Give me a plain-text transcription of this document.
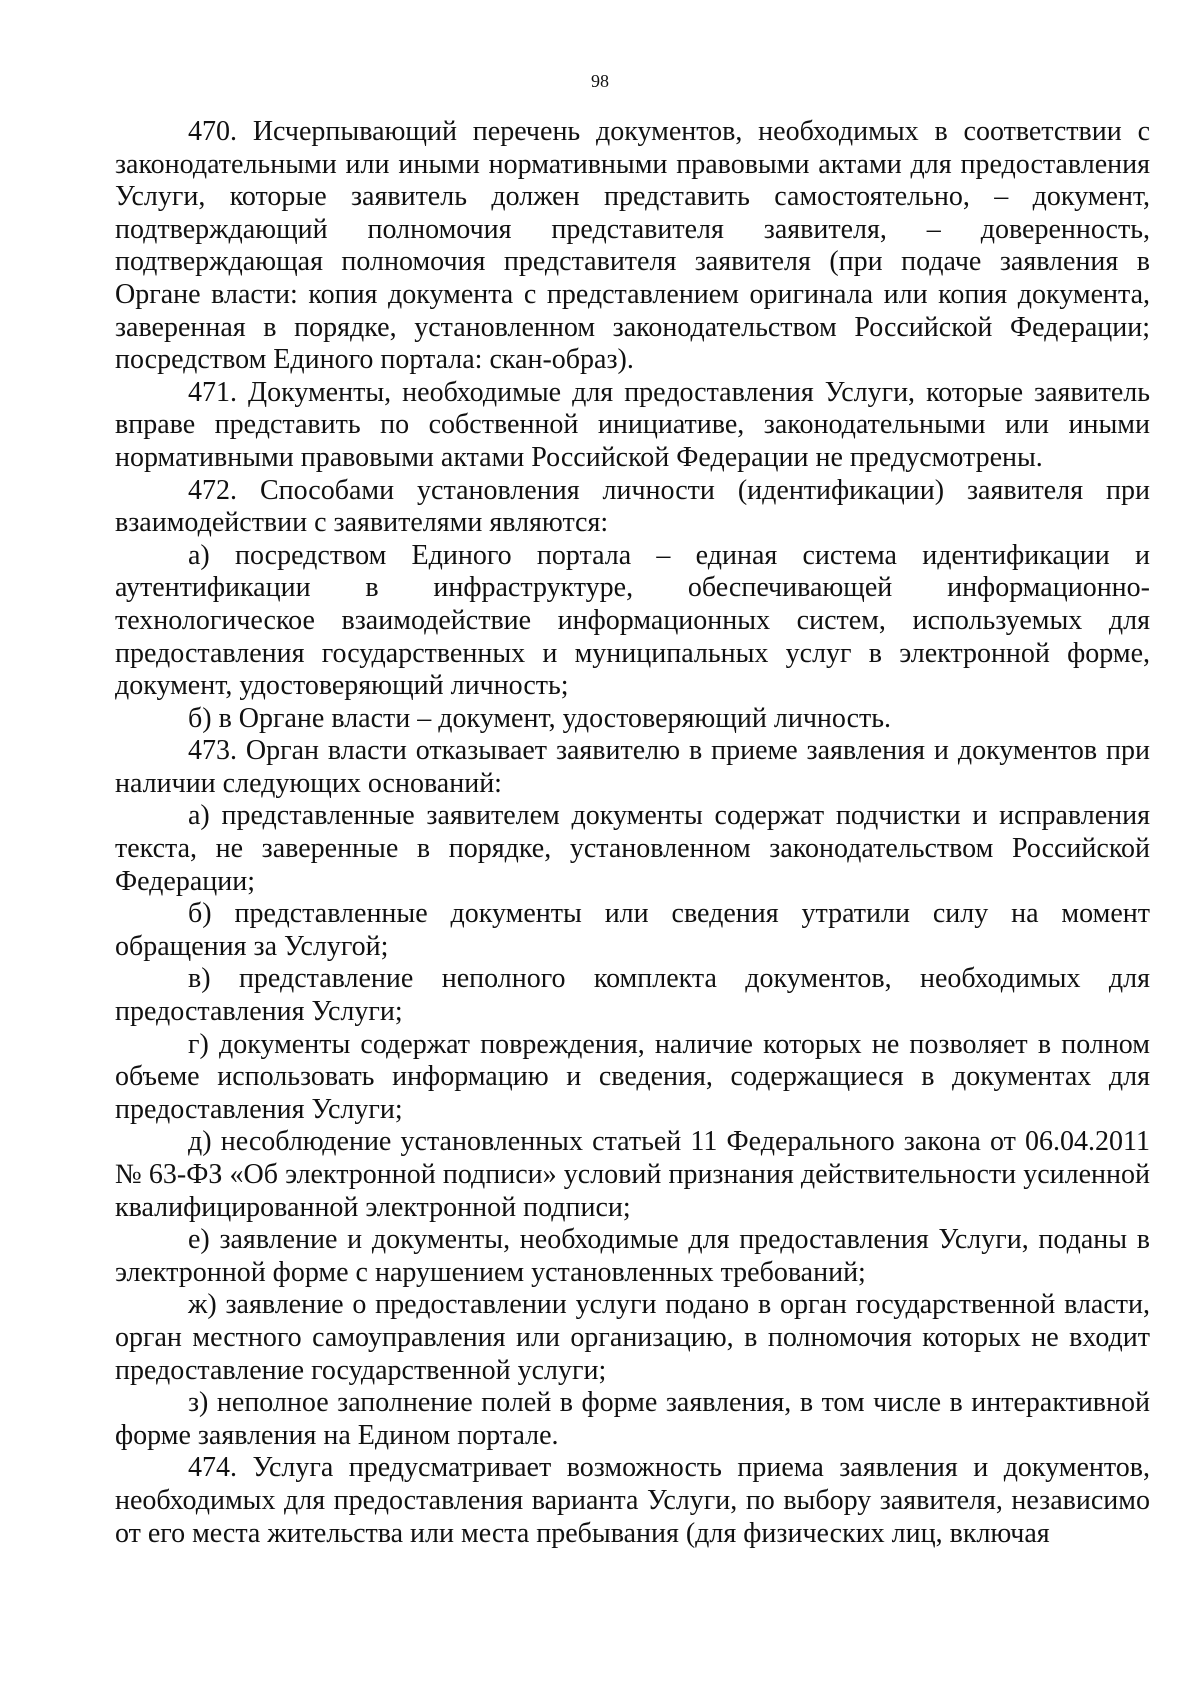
98

470. Исчерпывающий перечень документов, необходимых в соответствии с законодательными или иными нормативными правовыми актами для предоставления Услуги, которые заявитель должен представить самостоятельно, – документ, подтверждающий полномочия представителя заявителя, – доверенность, подтверждающая полномочия представителя заявителя (при подаче заявления в Органе власти: копия документа с представлением оригинала или копия документа, заверенная в порядке, установленном законодательством Российской Федерации; посредством Единого портала: скан-образ).

471. Документы, необходимые для предоставления Услуги, которые заявитель вправе представить по собственной инициативе, законодательными или иными нормативными правовыми актами Российской Федерации не предусмотрены.

472. Способами установления личности (идентификации) заявителя при взаимодействии с заявителями являются:

а) посредством Единого портала – единая система идентификации и аутентификации в инфраструктуре, обеспечивающей информационно-технологическое взаимодействие информационных систем, используемых для предоставления государственных и муниципальных услуг в электронной форме, документ, удостоверяющий личность;

б) в Органе власти – документ, удостоверяющий личность.

473. Орган власти отказывает заявителю в приеме заявления и документов при наличии следующих оснований:

а) представленные заявителем документы содержат подчистки и исправления текста, не заверенные в порядке, установленном законодательством Российской Федерации;

б) представленные документы или сведения утратили силу на момент обращения за Услугой;

в) представление неполного комплекта документов, необходимых для предоставления Услуги;

г) документы содержат повреждения, наличие которых не позволяет в полном объеме использовать информацию и сведения, содержащиеся в документах для предоставления Услуги;

д) несоблюдение установленных статьей 11 Федерального закона от 06.04.2011 № 63-ФЗ «Об электронной подписи» условий признания действительности усиленной квалифицированной электронной подписи;

е) заявление и документы, необходимые для предоставления Услуги, поданы в электронной форме с нарушением установленных требований;

ж) заявление о предоставлении услуги подано в орган государственной власти, орган местного самоуправления или организацию, в полномочия которых не входит предоставление государственной услуги;

з) неполное заполнение полей в форме заявления, в том числе в интерактивной форме заявления на Едином портале.

474. Услуга предусматривает возможность приема заявления и документов, необходимых для предоставления варианта Услуги, по выбору заявителя, независимо от его места жительства или места пребывания (для физических лиц, включая
